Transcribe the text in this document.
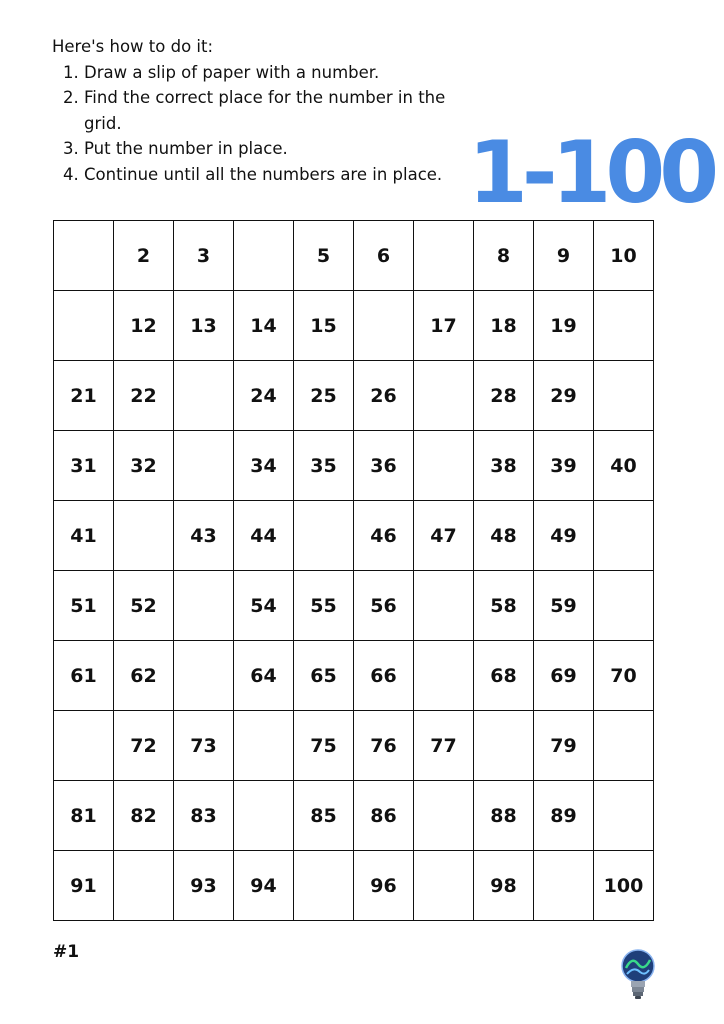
Here's how to do it:

1. Draw a slip of paper with a number.
2. Find the correct place for the number in the grid.
3. Put the number in place.
4. Continue until all the numbers are in place. 1-100
	2	3		5	6		8	9	10
	12	13	14	15		17	18	19	
21	22		24	25	26		28	29	
31	32		34	35	36		38	39	40
41		43	44		46	47	48	49	
51	52		54	55	56		58	59	
61	62		64	65	66		68	69	70
	72	73		75	76	77		79	
81	82	83		85	86		88	89	
91		93	94		96		98		100
#1
